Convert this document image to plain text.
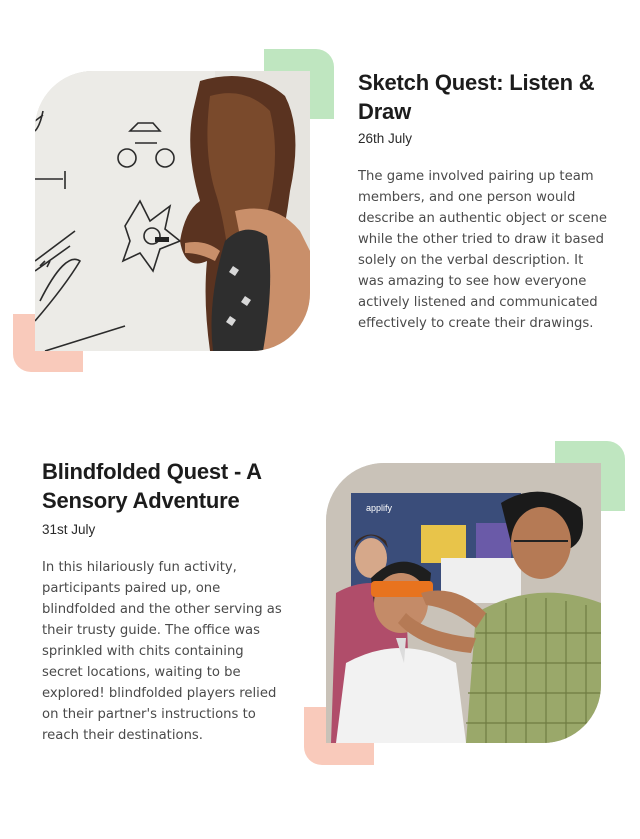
Sketch Quest: Listen & Draw

26th July

The game involved pairing up team members, and one person would describe an authentic object or scene while the other tried to draw it based solely on the verbal description. It was amazing to see how everyone actively listened and communicated effectively to create their drawings.

Blindfolded Quest - A Sensory Adventure

31st July

In this hilariously fun activity, participants paired up, one blindfolded and the other serving as their trusty guide. The office was sprinkled with chits containing secret locations, waiting to be explored! blindfolded players relied on their partner's instructions to reach their destinations.

applify
